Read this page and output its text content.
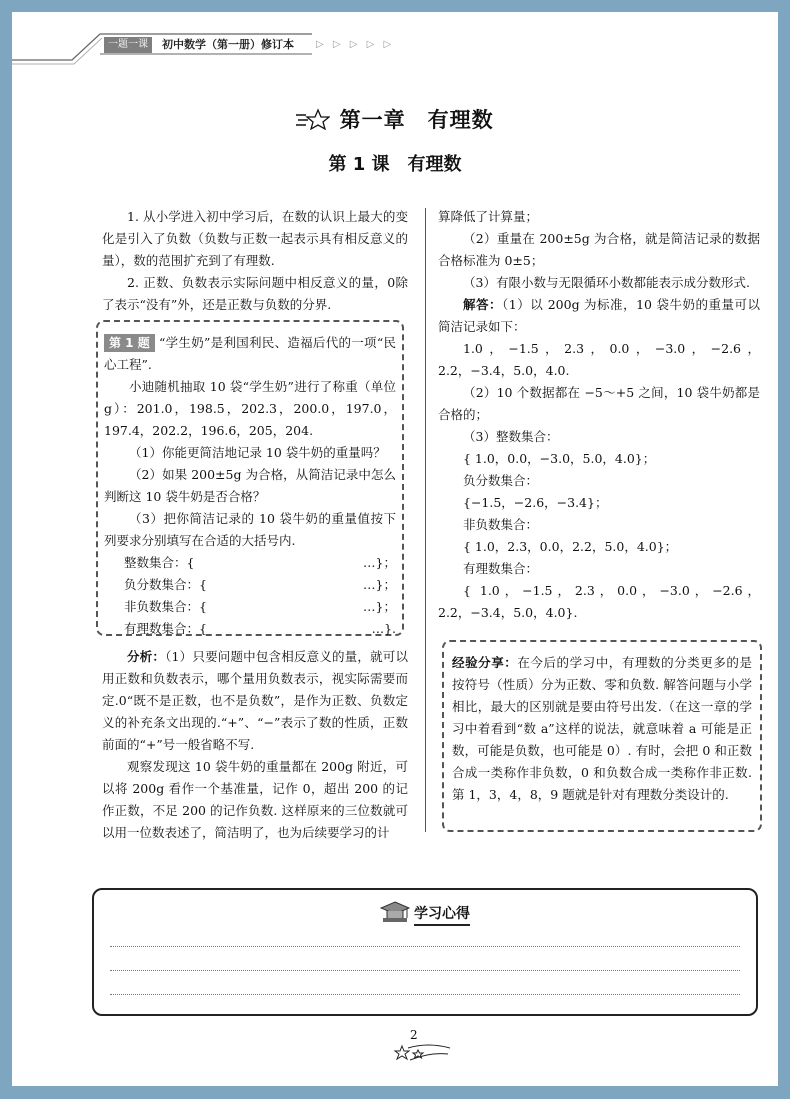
一题一课	初中数学（第一册）修订本 ▷ ▷ ▷ ▷ ▷
第一章　有理数
第 1 课　有理数

1. 从小学进入初中学习后，在数的认识上最大的变化是引入了负数（负数与正数一起表示具有相反意义的量），数的范围扩充到了有理数.

2. 正数、负数表示实际问题中相反意义的量，0除了表示“没有”外，还是正数与负数的分界.

第 1 题 “学生奶”是利国利民、造福后代的一项“民心工程”.

小迪随机抽取 10 袋“学生奶”进行了称重（单位 g）：201.0，198.5，202.3，200.0，197.0，197.4，202.2，196.6，205，204.

（1）你能更简洁地记录 10 袋牛奶的重量吗？

（2）如果 200±5g 为合格，从简洁记录中怎么判断这 10 袋牛奶是否合格？

（3）把你简洁记录的 10 袋牛奶的重量值按下列要求分别填写在合适的大括号内.

整数集合：{	…}；
负分数集合：{	…}；
非负数集合：{	…}；
有理数集合：{	…}.

分析：（1）只要问题中包含相反意义的量，就可以用正数和负数表示，哪个量用负数表示，视实际需要而定.0“既不是正数，也不是负数”，是作为正数、负数定义的补充条文出现的.“+”、“−”表示了数的性质，正数前面的“+”号一般省略不写.

观察发现这 10 袋牛奶的重量都在 200g 附近，可以将 200g 看作一个基准量，记作 0，超出 200 的记作正数，不足 200 的记作负数. 这样原来的三位数就可以用一位数表述了，简洁明了，也为后续要学习的计

算降低了计算量；

（2）重量在 200±5g 为合格，就是简洁记录的数据合格标准为 0±5；

（3）有限小数与无限循环小数都能表示成分数形式.

解答：（1）以 200g 为标准，10 袋牛奶的重量可以简洁记录如下：

1.0，−1.5，2.3，0.0，−3.0，−2.6，2.2，−3.4，5.0，4.0.

（2）10 个数据都在 −5～+5 之间，10 袋牛奶都是合格的；

（3）整数集合：

{ 1.0，0.0，−3.0，5.0，4.0}；

负分数集合：

{−1.5，−2.6，−3.4}；

非负数集合：

{ 1.0，2.3，0.0，2.2，5.0，4.0}；

有理数集合：

{ 1.0，−1.5，2.3，0.0，−3.0，−2.6，2.2，−3.4，5.0，4.0}.

经验分享：在今后的学习中，有理数的分类更多的是按符号（性质）分为正数、零和负数. 解答问题与小学相比，最大的区别就是要由符号出发.（在这一章的学习中着看到“数 a”这样的说法，就意味着 a 可能是正数，可能是负数，也可能是 0）. 有时，会把 0 和正数合成一类称作非负数，0 和负数合成一类称作非正数. 第 1，3，4，8，9 题就是针对有理数分类设计的.

学习心得
2
